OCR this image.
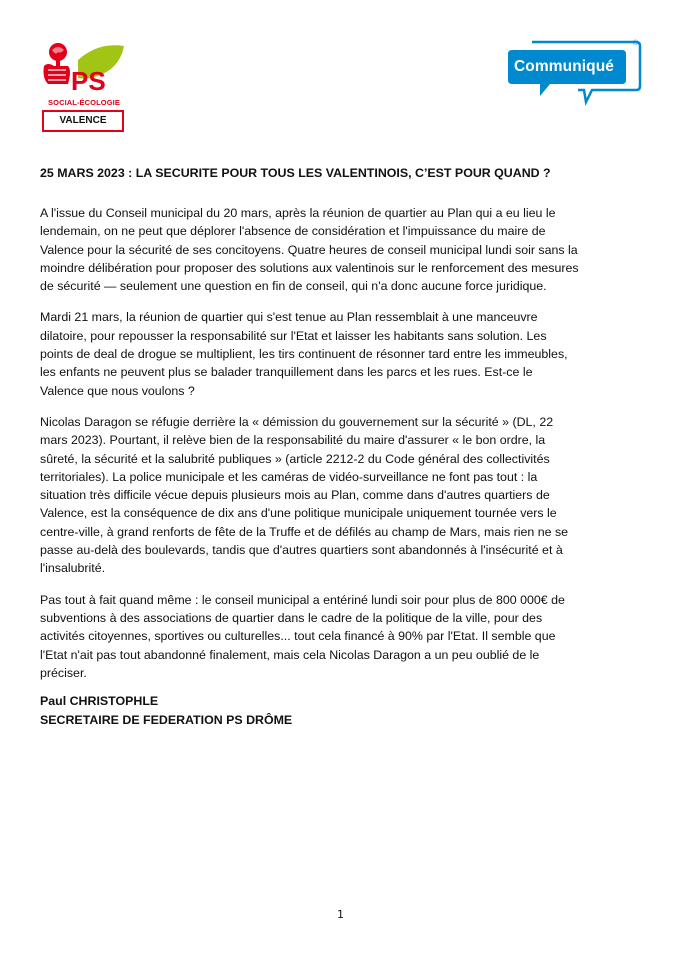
PS
SOCIAL-ÉCOLOGIE
VALENCE
Communiqué
®
25 MARS 2023 : LA SECURITE POUR TOUS LES VALENTINOIS, C’EST POUR QUAND ?

A l'issue du Conseil municipal du 20 mars, après la réunion de quartier au Plan qui a eu lieu le
lendemain, on ne peut que déplorer l'absence de considération et l'impuissance du maire de
Valence pour la sécurité de ses concitoyens. Quatre heures de conseil municipal lundi soir sans la
moindre délibération pour proposer des solutions aux valentinois sur le renforcement des mesures
de sécurité — seulement une question en fin de conseil, qui n'a donc aucune force juridique.

Mardi 21 mars, la réunion de quartier qui s'est tenue au Plan ressemblait à une manceuvre
dilatoire, pour repousser la responsabilité sur l'Etat et laisser les habitants sans solution. Les
points de deal de drogue se multiplient, les tirs continuent de résonner tard entre les immeubles,
les enfants ne peuvent plus se balader tranquillement dans les parcs et les rues. Est-ce le
Valence que nous voulons ?

Nicolas Daragon se réfugie derrière la « démission du gouvernement sur la sécurité » (DL, 22
mars 2023). Pourtant, il relève bien de la responsabilité du maire d'assurer « le bon ordre, la
sûreté, la sécurité et la salubrité publiques » (article 2212-2 du Code général des collectivités
territoriales). La police municipale et les caméras de vidéo-surveillance ne font pas tout : la
situation très difficile vécue depuis plusieurs mois au Plan, comme dans d'autres quartiers de
Valence, est la conséquence de dix ans d'une politique municipale uniquement tournée vers le
centre-ville, à grand renforts de fête de la Truffe et de défilés au champ de Mars, mais rien ne se
passe au-delà des boulevards, tandis que d'autres quartiers sont abandonnés à l'insécurité et à
l'insalubrité.

Pas tout à fait quand même : le conseil municipal a entériné lundi soir pour plus de 800 000€ de
subventions à des associations de quartier dans le cadre de la politique de la ville, pour des
activités citoyennes, sportives ou culturelles... tout cela financé à 90% par l'Etat. Il semble que
l'Etat n'ait pas tout abandonné finalement, mais cela Nicolas Daragon a un peu oublié de le
préciser.

Paul CHRISTOPHLE
SECRETAIRE DE FEDERATION PS DRÔME
1
